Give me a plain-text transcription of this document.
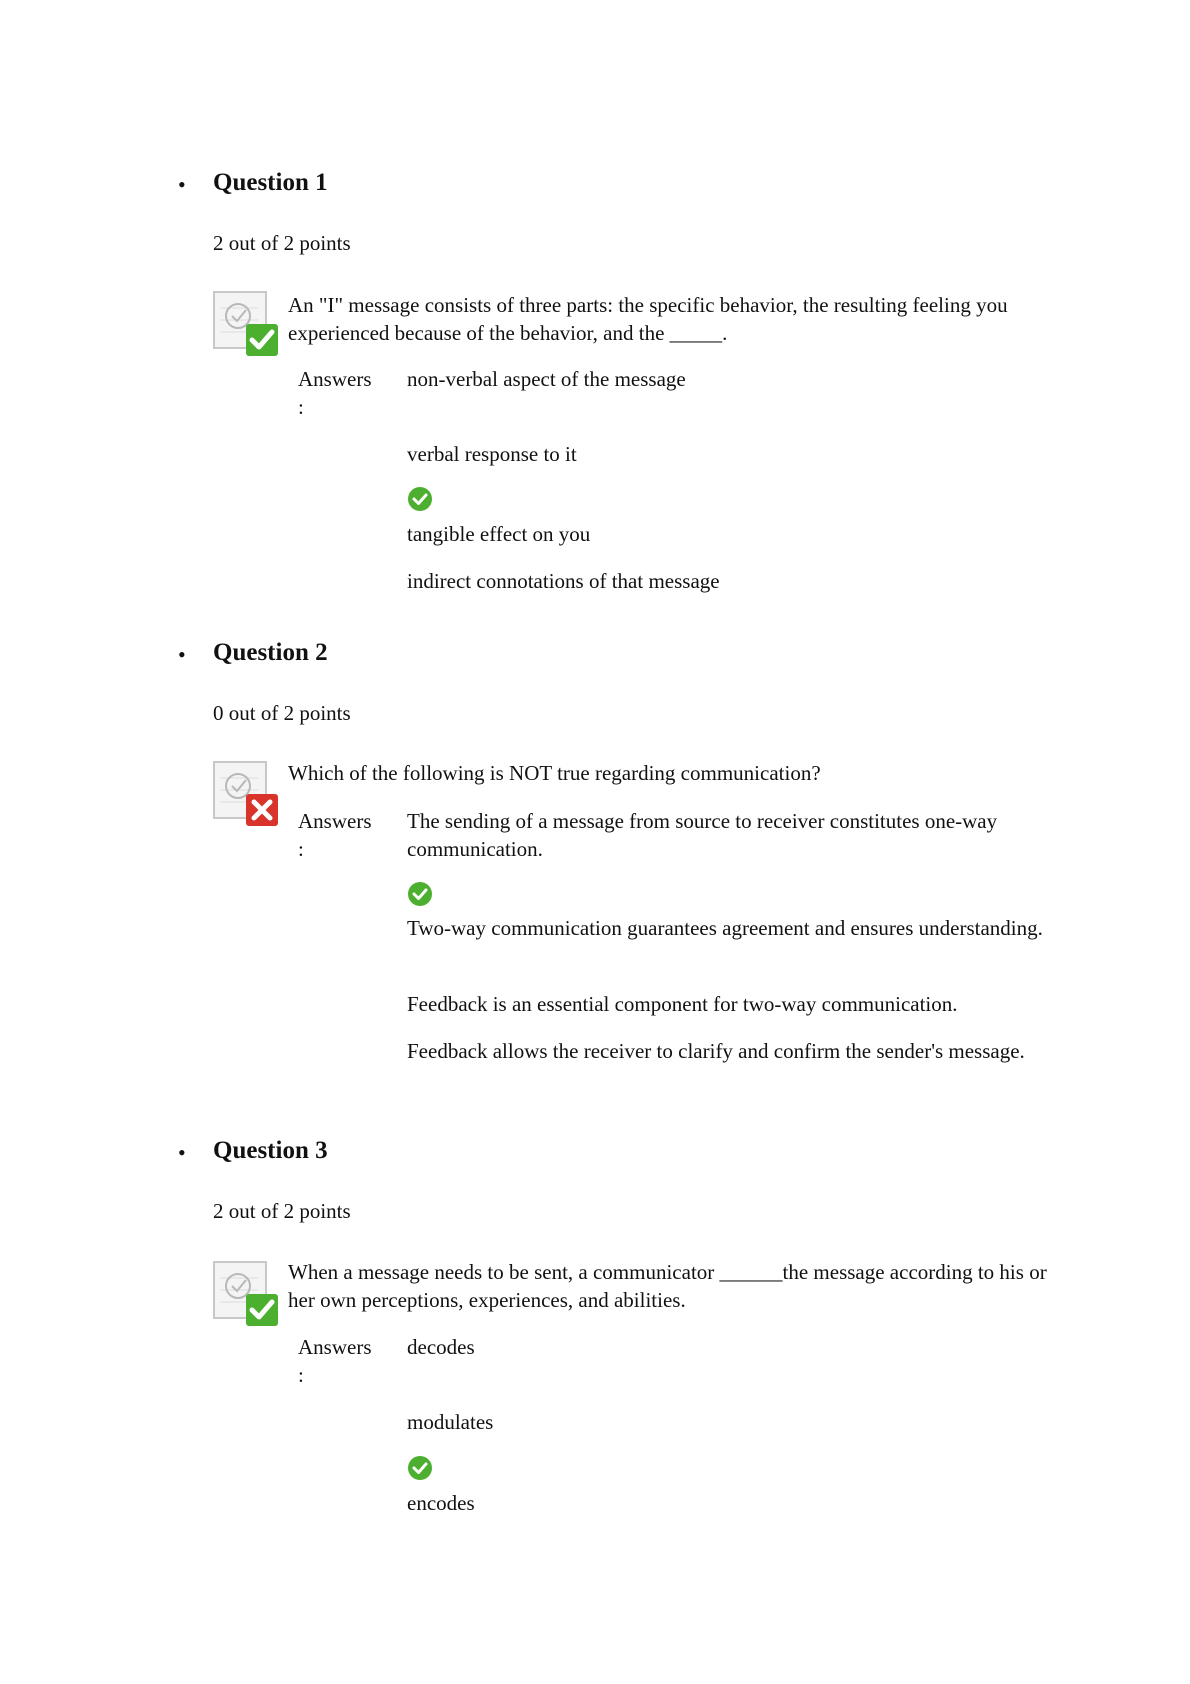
• Question 1
2 out of 2 points
An "I" message consists of three parts: the specific behavior, the resulting feeling you experienced because of the behavior, and the _____.
Answers
:
non-verbal aspect of the message
verbal response to it
tangible effect on you
indirect connotations of that message
• Question 2
0 out of 2 points
Which of the following is NOT true regarding communication?
Answers
:
The sending of a message from source to receiver constitutes one-way communication.
Two-way communication guarantees agreement and ensures understanding.
Feedback is an essential component for two-way communication.
Feedback allows the receiver to clarify and confirm the sender's message.
• Question 3
2 out of 2 points
When a message needs to be sent, a communicator ______the message according to his or her own perceptions, experiences, and abilities.
Answers
:
decodes
modulates
encodes
